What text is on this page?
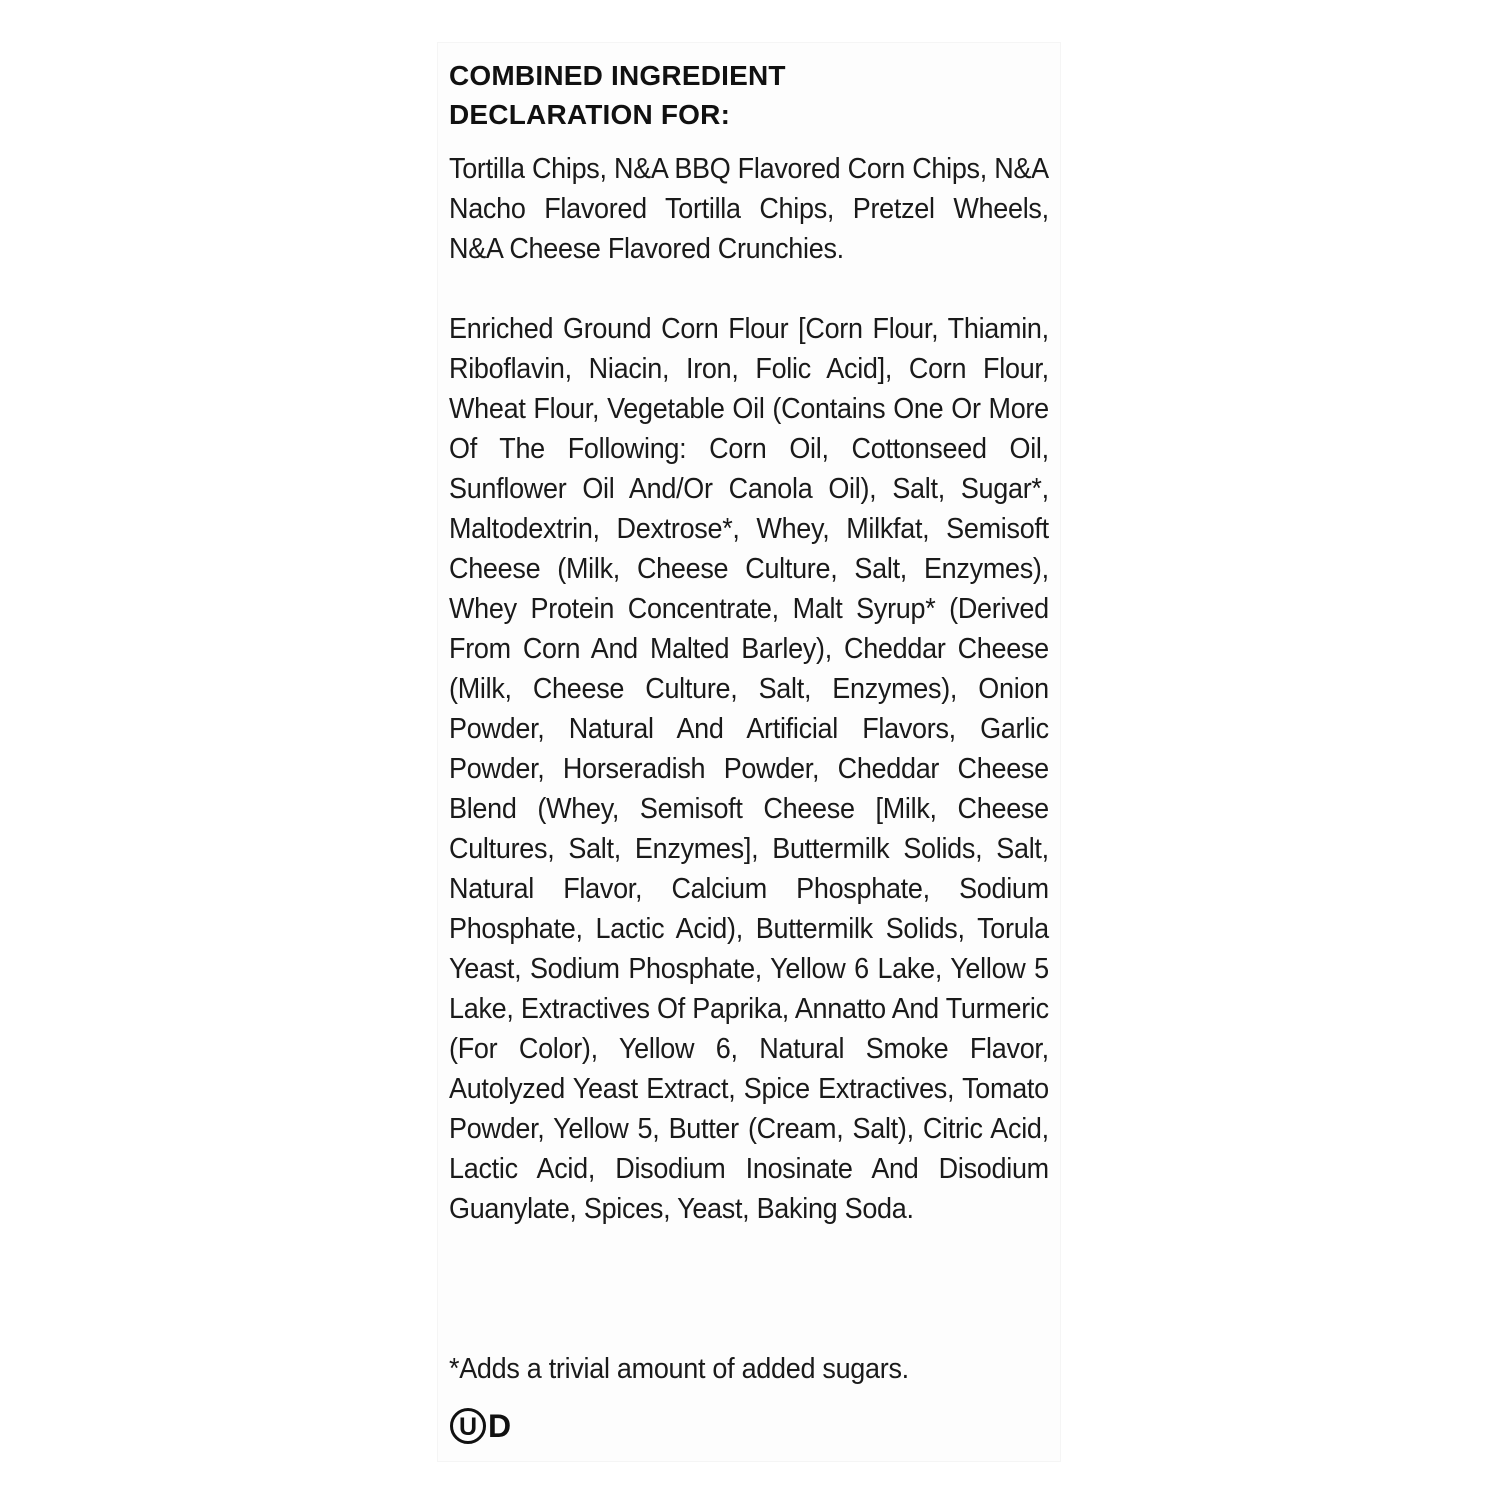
COMBINED INGREDIENT
DECLARATION FOR:

Tortilla Chips, N&A BBQ Flavored Corn Chips, N&A Nacho Flavored Tortilla Chips, Pretzel Wheels, N&A Cheese Flavored Crunchies.

Enriched Ground Corn Flour [Corn Flour, Thiamin, Riboflavin, Niacin, Iron, Folic Acid], Corn Flour, Wheat Flour, Vegetable Oil (Contains One Or More Of The Following: Corn Oil, Cottonseed Oil, Sunflower Oil And/Or Canola Oil), Salt, Sugar*, Maltodextrin, Dextrose*, Whey, Milkfat, Semisoft Cheese (Milk, Cheese Culture, Salt, Enzymes), Whey Protein Concentrate, Malt Syrup* (Derived From Corn And Malted Barley), Cheddar Cheese (Milk, Cheese Culture, Salt, Enzymes), Onion Powder, Natural And Artificial Flavors, Garlic Powder, Horseradish Powder, Cheddar Cheese Blend (Whey, Semisoft Cheese [Milk, Cheese Cultures, Salt, Enzymes], Buttermilk Solids, Salt, Natural Flavor, Calcium Phosphate, Sodium Phosphate, Lactic Acid), Buttermilk Solids, Torula Yeast, Sodium Phosphate, Yellow 6 Lake, Yellow 5 Lake, Extractives Of Paprika, Annatto And Turmeric (For Color), Yellow 6, Natural Smoke Flavor, Autolyzed Yeast Extract, Spice Extractives, Tomato Powder, Yellow 5, Butter (Cream, Salt), Citric Acid, Lactic Acid, Disodium Inosinate And Disodium Guanylate, Spices, Yeast, Baking Soda.

*Adds a trivial amount of added sugars.

U D
